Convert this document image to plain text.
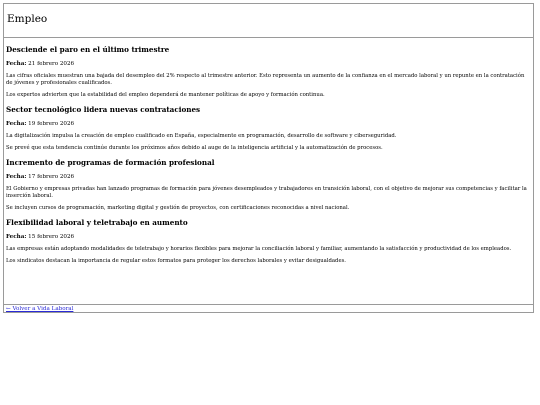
Empleo
Desciende el paro en el último trimestre
Fecha: 21 febrero 2026

Las cifras oficiales muestran una bajada del desempleo del 2% respecto al trimestre anterior. Esto representa un aumento de la confianza en el mercado laboral y un repunte en la contratación de jóvenes y profesionales cualificados.

Los expertos advierten que la estabilidad del empleo dependerá de mantener políticas de apoyo y formación continua.

Sector tecnológico lidera nuevas contrataciones
Fecha: 19 febrero 2026

La digitalización impulsa la creación de empleo cualificado en España, especialmente en programación, desarrollo de software y ciberseguridad.

Se prevé que esta tendencia continúe durante los próximos años debido al auge de la inteligencia artificial y la automatización de procesos.

Incremento de programas de formación profesional
Fecha: 17 febrero 2026

El Gobierno y empresas privadas han lanzado programas de formación para jóvenes desempleados y trabajadores en transición laboral, con el objetivo de mejorar sus competencias y facilitar la inserción laboral.

Se incluyen cursos de programación, marketing digital y gestión de proyectos, con certificaciones reconocidas a nivel nacional.

Flexibilidad laboral y teletrabajo en aumento
Fecha: 15 febrero 2026

Las empresas están adoptando modalidades de teletrabajo y horarios flexibles para mejorar la conciliación laboral y familiar, aumentando la satisfacción y productividad de los empleados.

Los sindicatos destacan la importancia de regular estos formatos para proteger los derechos laborales y evitar desigualdades.

← Volver a Vida Laboral
